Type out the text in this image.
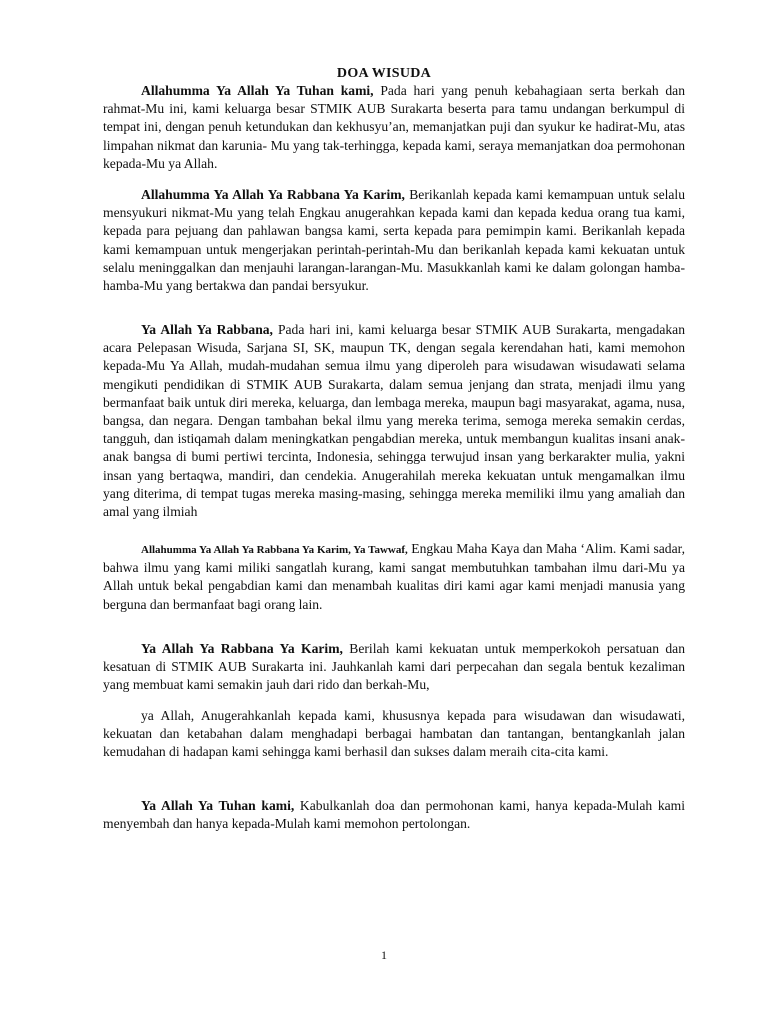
DOA WISUDA

Allahumma Ya Allah Ya Tuhan kami, Pada hari yang penuh kebahagiaan serta berkah dan rahmat-Mu ini, kami keluarga besar STMIK AUB Surakarta beserta para tamu undangan berkumpul di tempat ini, dengan penuh ketundukan dan kekhusyu’an, memanjatkan puji dan syukur ke hadirat-Mu, atas limpahan nikmat dan karunia- Mu yang tak-terhingga, kepada kami, seraya memanjatkan doa permohonan kepada-Mu ya Allah.

Allahumma Ya Allah Ya Rabbana Ya Karim, Berikanlah kepada kami kemampuan untuk selalu mensyukuri nikmat-Mu yang telah Engkau anugerahkan kepada kami dan kepada kedua orang tua kami, kepada para pejuang dan pahlawan bangsa kami, serta kepada para pemimpin kami. Berikanlah kepada kami kemampuan untuk mengerjakan perintah-perintah-Mu dan berikanlah kepada kami kekuatan untuk selalu meninggalkan dan menjauhi larangan-larangan-Mu. Masukkanlah kami ke dalam golongan hamba-hamba-Mu yang bertakwa dan pandai bersyukur.

Ya Allah Ya Rabbana, Pada hari ini, kami keluarga besar STMIK AUB Surakarta, mengadakan acara Pelepasan Wisuda, Sarjana SI, SK, maupun TK, dengan segala kerendahan hati, kami memohon kepada-Mu Ya Allah, mudah-mudahan semua ilmu yang diperoleh para wisudawan wisudawati selama mengikuti pendidikan di STMIK AUB Surakarta, dalam semua jenjang dan strata, menjadi ilmu yang bermanfaat baik untuk diri mereka, keluarga, dan lembaga mereka, maupun bagi masyarakat, agama, nusa, bangsa, dan negara. Dengan tambahan bekal ilmu yang mereka terima, semoga mereka semakin cerdas, tangguh, dan istiqamah dalam meningkatkan pengabdian mereka, untuk membangun kualitas insani anak-anak bangsa di bumi pertiwi tercinta, Indonesia, sehingga terwujud insan yang berkarakter mulia, yakni insan yang bertaqwa, mandiri, dan cendekia. Anugerahilah mereka kekuatan untuk mengamalkan ilmu yang diterima, di tempat tugas mereka masing-masing, sehingga mereka memiliki ilmu yang amaliah dan amal yang ilmiah

Allahumma Ya Allah Ya Rabbana Ya Karim, Ya Tawwaf, Engkau Maha Kaya dan Maha ‘Alim. Kami sadar, bahwa ilmu yang kami miliki sangatlah kurang, kami sangat membutuhkan tambahan ilmu dari-Mu ya Allah untuk bekal pengabdian kami dan menambah kualitas diri kami agar kami menjadi manusia yang berguna dan bermanfaat bagi orang lain.

Ya Allah Ya Rabbana Ya Karim, Berilah kami kekuatan untuk memperkokoh persatuan dan kesatuan di STMIK AUB Surakarta ini. Jauhkanlah kami dari perpecahan dan segala bentuk kezaliman yang membuat kami semakin jauh dari rido dan berkah-Mu,

ya Allah, Anugerahkanlah kepada kami, khususnya kepada para wisudawan dan wisudawati, kekuatan dan ketabahan dalam menghadapi berbagai hambatan dan tantangan, bentangkanlah jalan kemudahan di hadapan kami sehingga kami berhasil dan sukses dalam meraih cita-cita kami.

Ya Allah Ya Tuhan kami, Kabulkanlah doa dan permohonan kami, hanya kepada-Mulah kami menyembah dan hanya kepada-Mulah kami memohon pertolongan.

1
